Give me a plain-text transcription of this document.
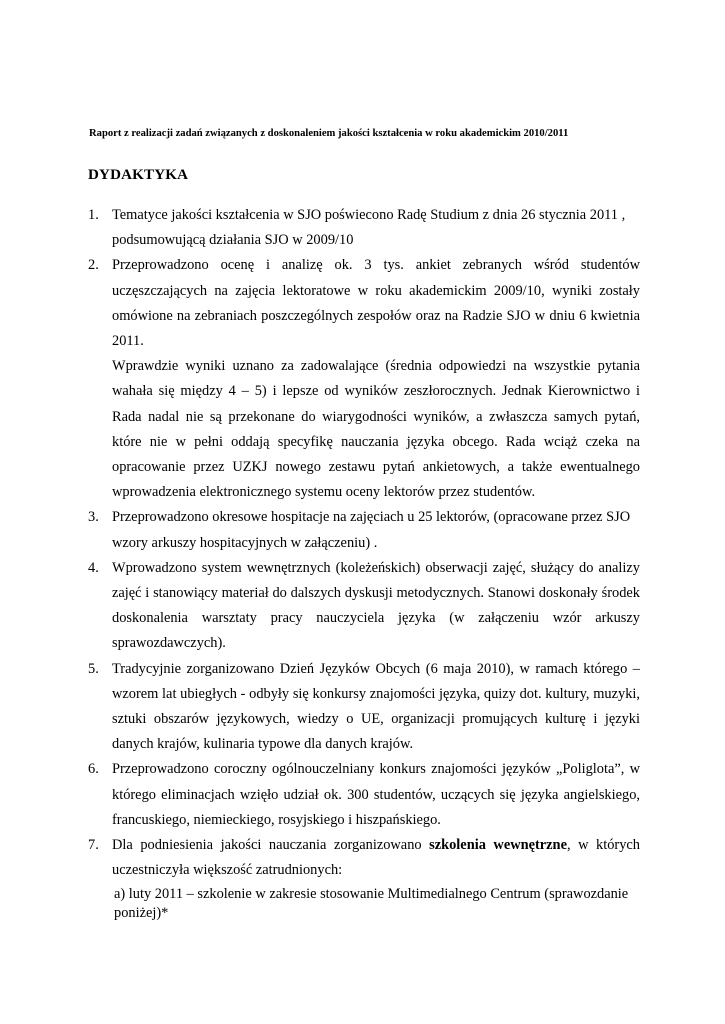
Raport z realizacji zadań związanych z doskonaleniem jakości kształcenia w roku akademickim 2010/2011

DYDAKTYKA
1. Tematyce jakości kształcenia w SJO poświecono Radę Studium z dnia 26 stycznia 2011 , podsumowującą działania SJO w 2009/10
2. Przeprowadzono ocenę i analizę ok. 3 tys. ankiet zebranych wśród studentów uczęszczających na zajęcia lektoratowe w roku akademickim 2009/10, wyniki zostały omówione na zebraniach poszczególnych zespołów oraz na Radzie SJO w dniu 6 kwietnia 2011.
Wprawdzie wyniki uznano za zadowalające (średnia odpowiedzi na wszystkie pytania wahała się między 4 – 5) i lepsze od wyników zeszłorocznych. Jednak Kierownictwo i Rada nadal nie są przekonane do wiarygodności wyników, a zwłaszcza samych pytań, które nie w pełni oddają specyfikę nauczania języka obcego. Rada wciąż czeka na opracowanie przez UZKJ nowego zestawu pytań ankietowych, a także ewentualnego wprowadzenia elektronicznego systemu oceny lektorów przez studentów.
3. Przeprowadzono okresowe hospitacje na zajęciach u 25 lektorów, (opracowane przez SJO wzory arkuszy hospitacyjnych w załączeniu) .
4. Wprowadzono system wewnętrznych (koleżeńskich) obserwacji zajęć, służący do analizy zajęć i stanowiący materiał do dalszych dyskusji metodycznych. Stanowi doskonały środek doskonalenia warsztaty pracy nauczyciela języka (w załączeniu wzór arkuszy sprawozdawczych).
5. Tradycyjnie zorganizowano Dzień Języków Obcych (6 maja 2010), w ramach którego – wzorem lat ubiegłych - odbyły się konkursy znajomości języka, quizy dot. kultury, muzyki, sztuki obszarów językowych, wiedzy o UE, organizacji promujących kulturę i języki danych krajów, kulinaria typowe dla danych krajów.
6. Przeprowadzono coroczny ogólnouczelniany konkurs znajomości języków „Poliglota”, w którego eliminacjach wzięło udział ok. 300 studentów, uczących się języka angielskiego, francuskiego, niemieckiego, rosyjskiego i hiszpańskiego.
7. Dla podniesienia jakości nauczania zorganizowano szkolenia wewnętrzne, w których uczestniczyła większość zatrudnionych:
a) luty 2011 – szkolenie w zakresie stosowanie Multimedialnego Centrum (sprawozdanie poniżej)*
